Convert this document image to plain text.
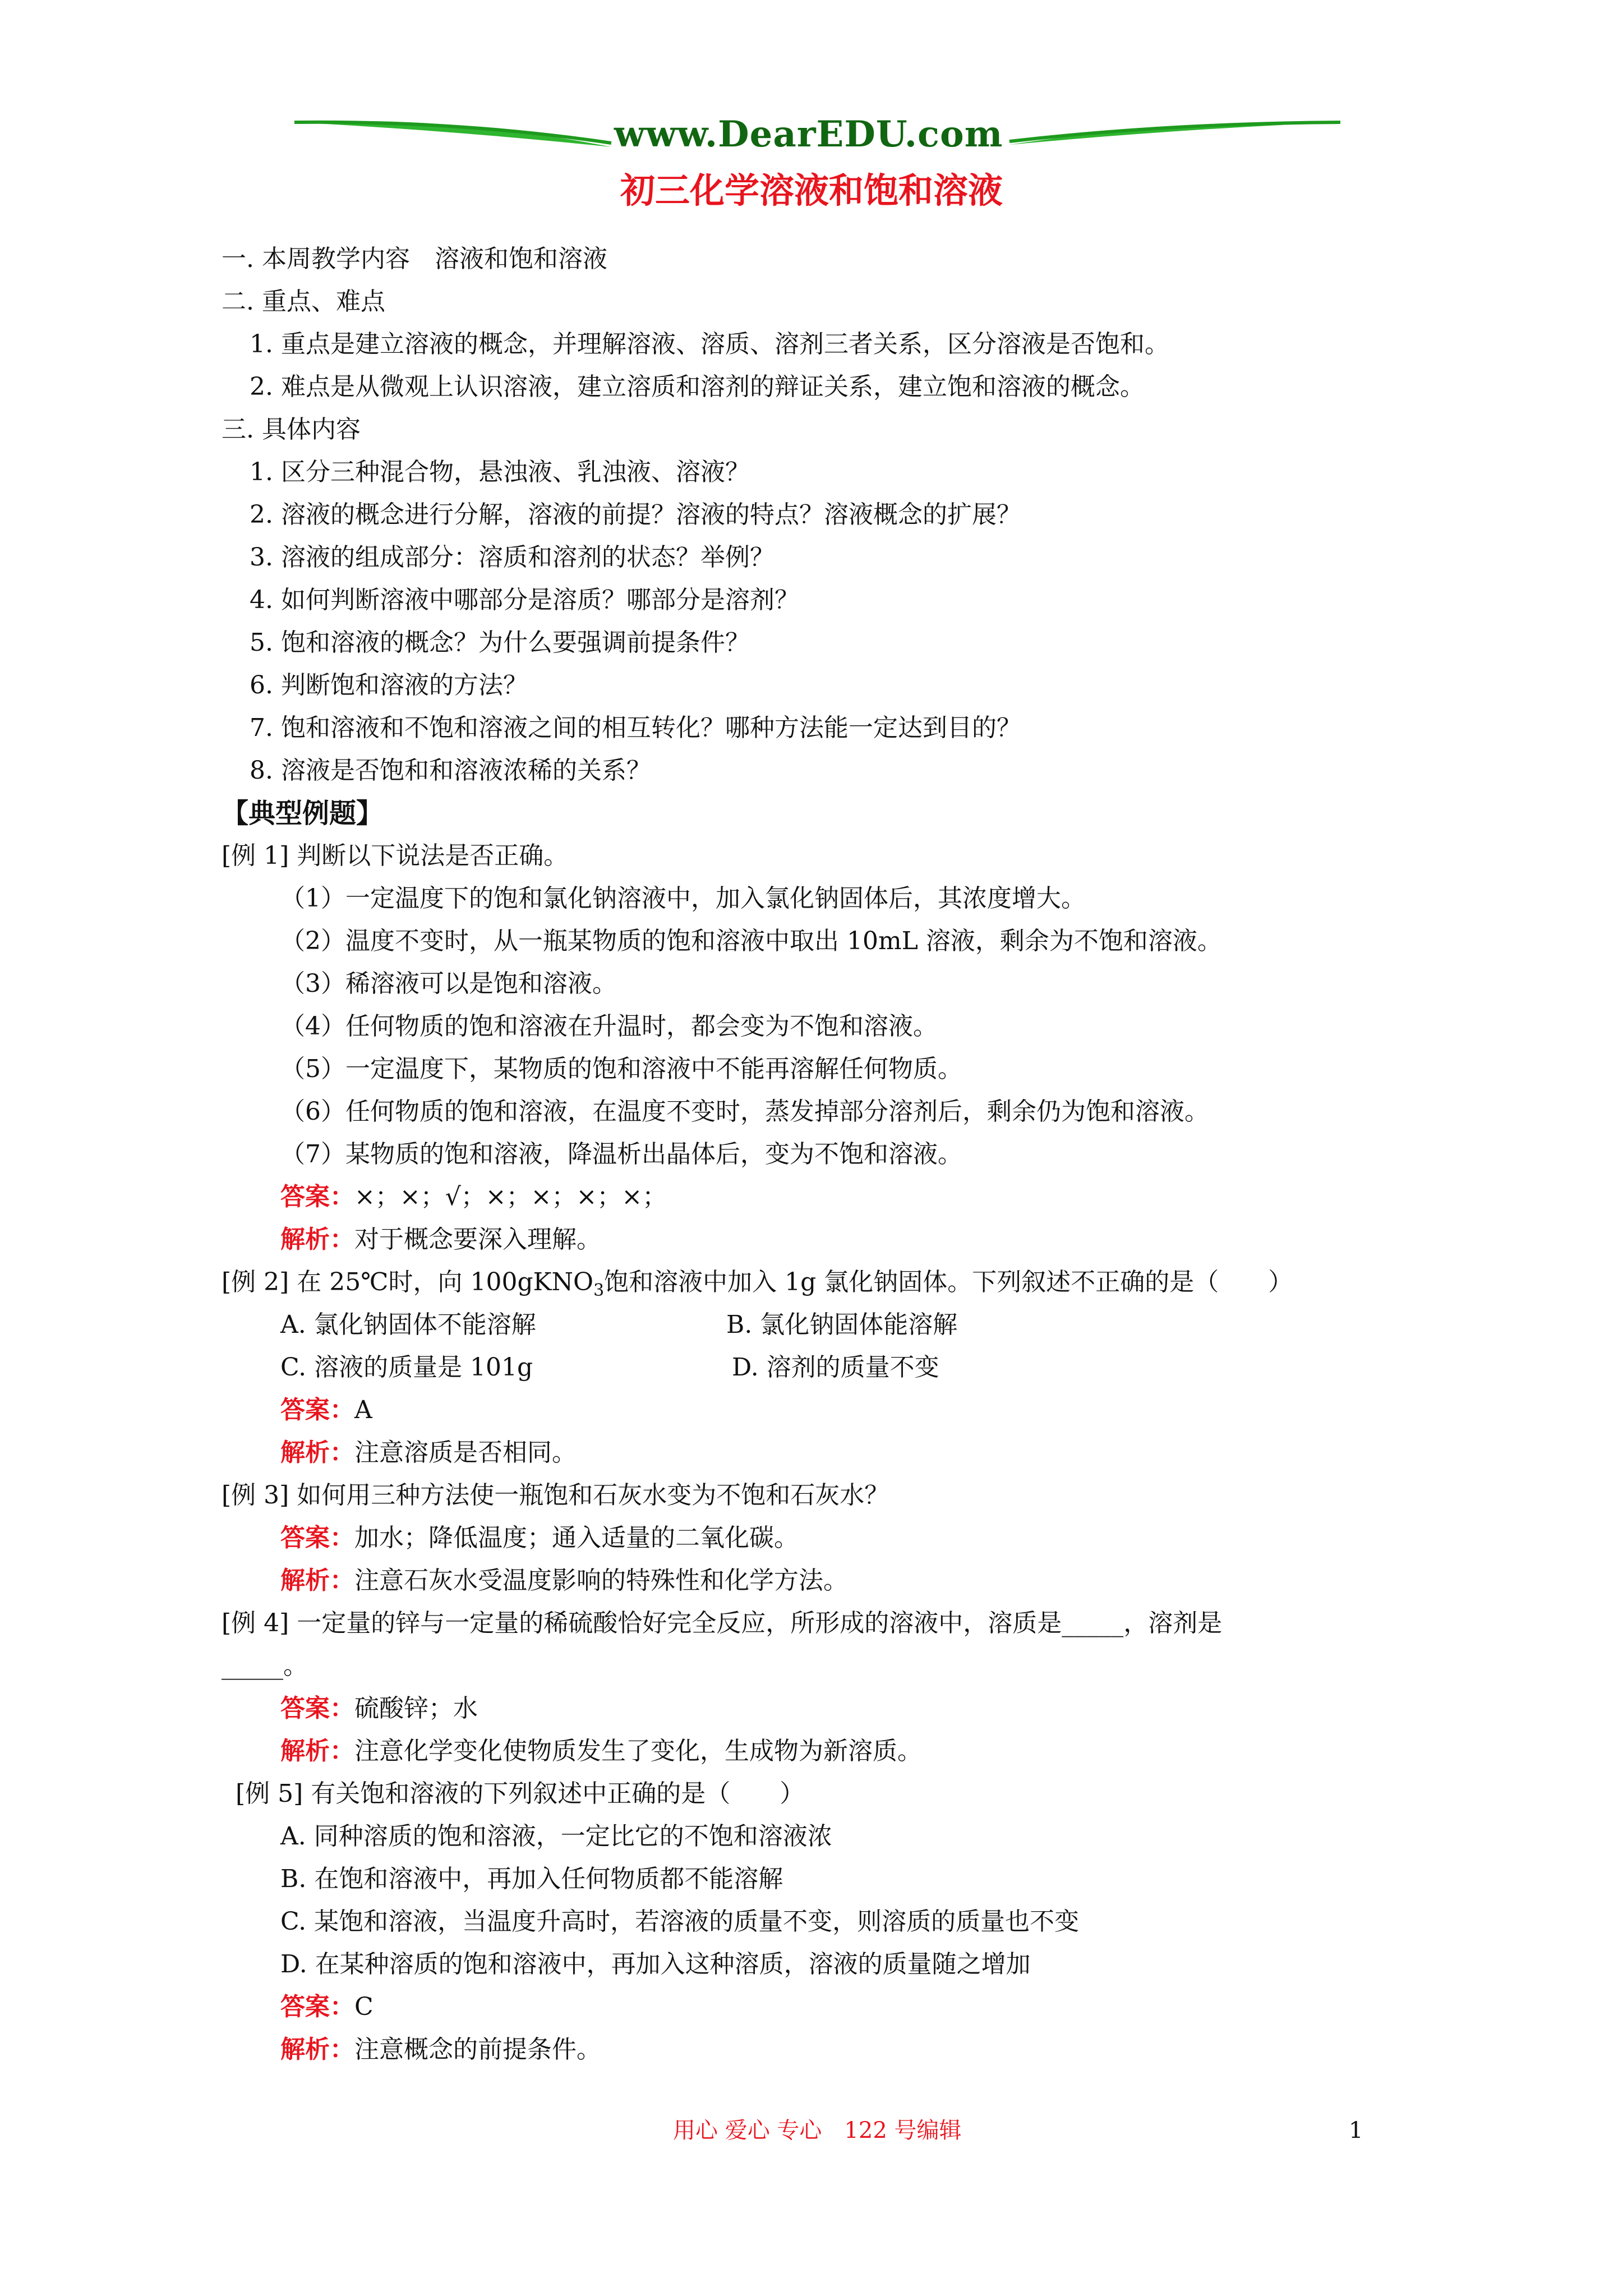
www.DearEDU.com
初三化学溶液和饱和溶液
一. 本周教学内容　溶液和饱和溶液
二. 重点、难点
1. 重点是建立溶液的概念，并理解溶液、溶质、溶剂三者关系，区分溶液是否饱和。
2. 难点是从微观上认识溶液，建立溶质和溶剂的辩证关系，建立饱和溶液的概念。
三. 具体内容
1. 区分三种混合物，悬浊液、乳浊液、溶液？
2. 溶液的概念进行分解，溶液的前提？溶液的特点？溶液概念的扩展？
3. 溶液的组成部分：溶质和溶剂的状态？举例？
4. 如何判断溶液中哪部分是溶质？哪部分是溶剂？
5. 饱和溶液的概念？为什么要强调前提条件？
6. 判断饱和溶液的方法？
7. 饱和溶液和不饱和溶液之间的相互转化？哪种方法能一定达到目的？
8. 溶液是否饱和和溶液浓稀的关系？
【典型例题】
[例 1] 判断以下说法是否正确。
（1）一定温度下的饱和氯化钠溶液中，加入氯化钠固体后，其浓度增大。
（2）温度不变时，从一瓶某物质的饱和溶液中取出 10mL 溶液，剩余为不饱和溶液。
（3）稀溶液可以是饱和溶液。
（4）任何物质的饱和溶液在升温时，都会变为不饱和溶液。
（5）一定温度下，某物质的饱和溶液中不能再溶解任何物质。
（6）任何物质的饱和溶液，在温度不变时，蒸发掉部分溶剂后，剩余仍为饱和溶液。
（7）某物质的饱和溶液，降温析出晶体后，变为不饱和溶液。
答案：×；×；√；×；×；×；×；
解析：对于概念要深入理解。
[例 2] 在 25℃时，向 100gKNO$_3$饱和溶液中加入 1g 氯化钠固体。下列叙述不正确的是（　　）
A. 氯化钠固体不能溶解	B. 氯化钠固体能溶解
C. 溶液的质量是 101g	D. 溶剂的质量不变
答案：A
解析：注意溶质是否相同。
[例 3] 如何用三种方法使一瓶饱和石灰水变为不饱和石灰水？
答案：加水；降低温度；通入适量的二氧化碳。
解析：注意石灰水受温度影响的特殊性和化学方法。
[例 4] 一定量的锌与一定量的稀硫酸恰好完全反应，所形成的溶液中，溶质是_____，溶剂是
_____。
答案：硫酸锌；水
解析：注意化学变化使物质发生了变化，生成物为新溶质。
[例 5] 有关饱和溶液的下列叙述中正确的是（　　）
A. 同种溶质的饱和溶液，一定比它的不饱和溶液浓
B. 在饱和溶液中，再加入任何物质都不能溶解
C. 某饱和溶液，当温度升高时，若溶液的质量不变，则溶质的质量也不变
D. 在某种溶质的饱和溶液中，再加入这种溶质，溶液的质量随之增加
答案：C
解析：注意概念的前提条件。
用心 爱心 专心　122 号编辑	1
